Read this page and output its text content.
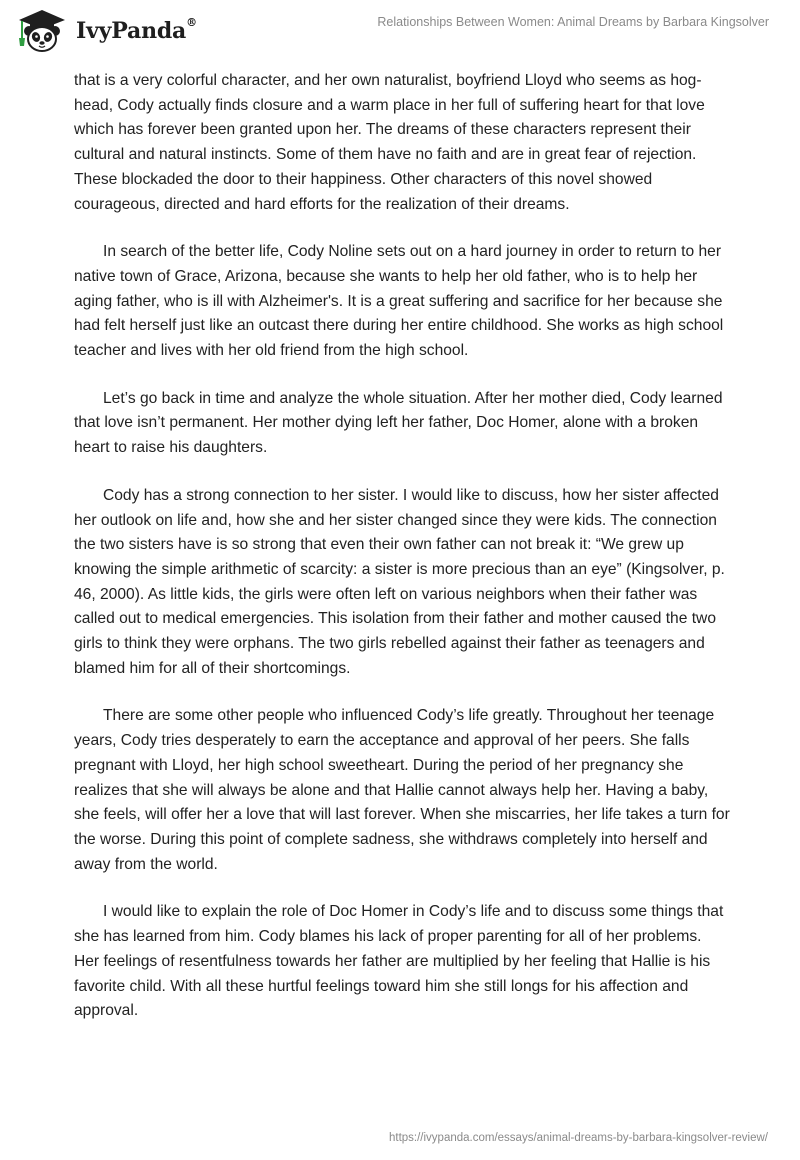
IvyPanda®	Relationships Between Women: Animal Dreams by Barbara Kingsolver

that is a very colorful character, and her own naturalist, boyfriend Lloyd who seems as hog-head, Cody actually finds closure and a warm place in her full of suffering heart for that love which has forever been granted upon her. The dreams of these characters represent their cultural and natural instincts. Some of them have no faith and are in great fear of rejection. These blockaded the door to their happiness. Other characters of this novel showed courageous, directed and hard efforts for the realization of their dreams.

In search of the better life, Cody Noline sets out on a hard journey in order to return to her native town of Grace, Arizona, because she wants to help her old father, who is to help her aging father, who is ill with Alzheimer's. It is a great suffering and sacrifice for her because she had felt herself just like an outcast there during her entire childhood. She works as high school teacher and lives with her old friend from the high school.

Let’s go back in time and analyze the whole situation. After her mother died, Cody learned that love isn’t permanent. Her mother dying left her father, Doc Homer, alone with a broken heart to raise his daughters.

Cody has a strong connection to her sister. I would like to discuss, how her sister affected her outlook on life and, how she and her sister changed since they were kids. The connection the two sisters have is so strong that even their own father can not break it: “We grew up knowing the simple arithmetic of scarcity: a sister is more precious than an eye” (Kingsolver, p. 46, 2000). As little kids, the girls were often left on various neighbors when their father was called out to medical emergencies. This isolation from their father and mother caused the two girls to think they were orphans. The two girls rebelled against their father as teenagers and blamed him for all of their shortcomings.

There are some other people who influenced Cody’s life greatly. Throughout her teenage years, Cody tries desperately to earn the acceptance and approval of her peers. She falls pregnant with Lloyd, her high school sweetheart. During the period of her pregnancy she realizes that she will always be alone and that Hallie cannot always help her. Having a baby, she feels, will offer her a love that will last forever. When she miscarries, her life takes a turn for the worse. During this point of complete sadness, she withdraws completely into herself and away from the world.

I would like to explain the role of Doc Homer in Cody’s life and to discuss some things that she has learned from him. Cody blames his lack of proper parenting for all of her problems. Her feelings of resentfulness towards her father are multiplied by her feeling that Hallie is his favorite child. With all these hurtful feelings toward him she still longs for his affection and approval.

https://ivypanda.com/essays/animal-dreams-by-barbara-kingsolver-review/
